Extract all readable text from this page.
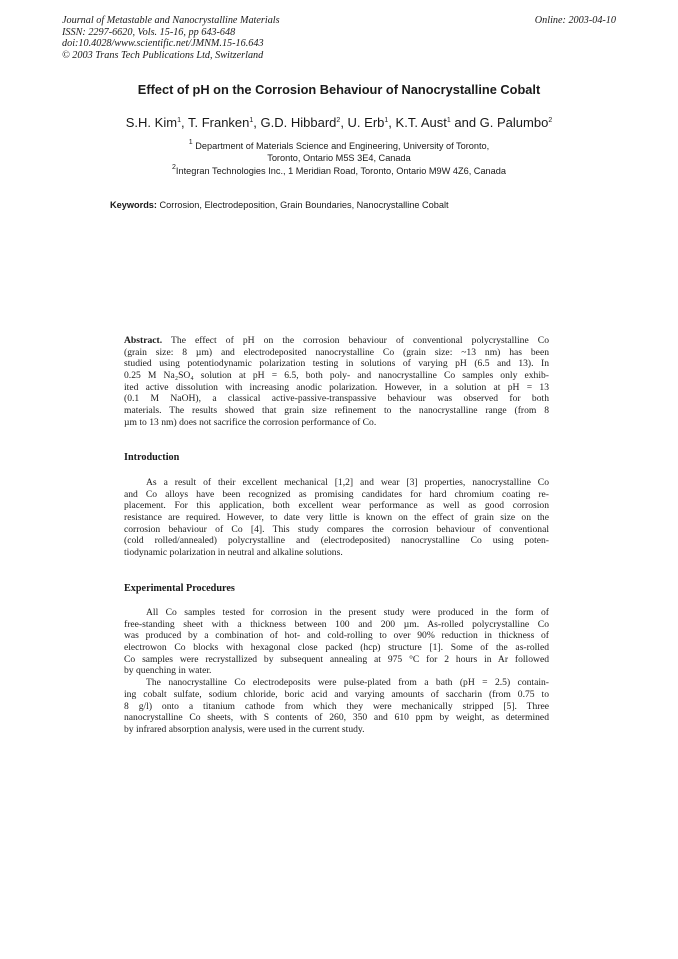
Journal of Metastable and Nanocrystalline Materials
ISSN: 2297-6620, Vols. 15-16, pp 643-648
doi:10.4028/www.scientific.net/JMNM.15-16.643
© 2003 Trans Tech Publications Ltd, Switzerland
Online: 2003-04-10
Effect of pH on the Corrosion Behaviour of Nanocrystalline Cobalt
S.H. Kim$^1$, T. Franken$^1$, G.D. Hibbard$^2$, U. Erb$^1$, K.T. Aust$^1$ and G. Palumbo$^2$
$^1$ Department of Materials Science and Engineering, University of Toronto,
Toronto, Ontario M5S 3E4, Canada
$^2$Integran Technologies Inc., 1 Meridian Road, Toronto, Ontario M9W 4Z6, Canada
Keywords: Corrosion, Electrodeposition, Grain Boundaries, Nanocrystalline Cobalt
Abstract. The effect of pH on the corrosion behaviour of conventional polycrystalline Co
(grain size: 8 µm) and electrodeposited nanocrystalline Co (grain size: ~13 nm) has been
studied using potentiodynamic polarization testing in solutions of varying pH (6.5 and 13). In
0.25 M Na₂SO₄ solution at pH = 6.5, both poly- and nanocrystalline Co samples only exhib-
ited active dissolution with increasing anodic polarization. However, in a solution at pH = 13
(0.1 M NaOH), a classical active-passive-transpassive behaviour was observed for both
materials. The results showed that grain size refinement to the nanocrystalline range (from 8
µm to 13 nm) does not sacrifice the corrosion performance of Co.
Introduction
As a result of their excellent mechanical [1,2] and wear [3] properties, nanocrystalline Co
and Co alloys have been recognized as promising candidates for hard chromium coating re-
placement. For this application, both excellent wear performance as well as good corrosion
resistance are required. However, to date very little is known on the effect of grain size on the
corrosion behaviour of Co [4]. This study compares the corrosion behaviour of conventional
(cold rolled/annealed) polycrystalline and (electrodeposited) nanocrystalline Co using poten-
tiodynamic polarization in neutral and alkaline solutions.
Experimental Procedures
All Co samples tested for corrosion in the present study were produced in the form of
free-standing sheet with a thickness between 100 and 200 µm. As-rolled polycrystalline Co
was produced by a combination of hot- and cold-rolling to over 90% reduction in thickness of
electrowon Co blocks with hexagonal close packed (hcp) structure [1]. Some of the as-rolled
Co samples were recrystallized by subsequent annealing at 975 °C for 2 hours in Ar followed
by quenching in water.
The nanocrystalline Co electrodeposits were pulse-plated from a bath (pH = 2.5) contain-
ing cobalt sulfate, sodium chloride, boric acid and varying amounts of saccharin (from 0.75 to
8 g/l) onto a titanium cathode from which they were mechanically stripped [5]. Three
nanocrystalline Co sheets, with S contents of 260, 350 and 610 ppm by weight, as determined
by infrared absorption analysis, were used in the current study.
